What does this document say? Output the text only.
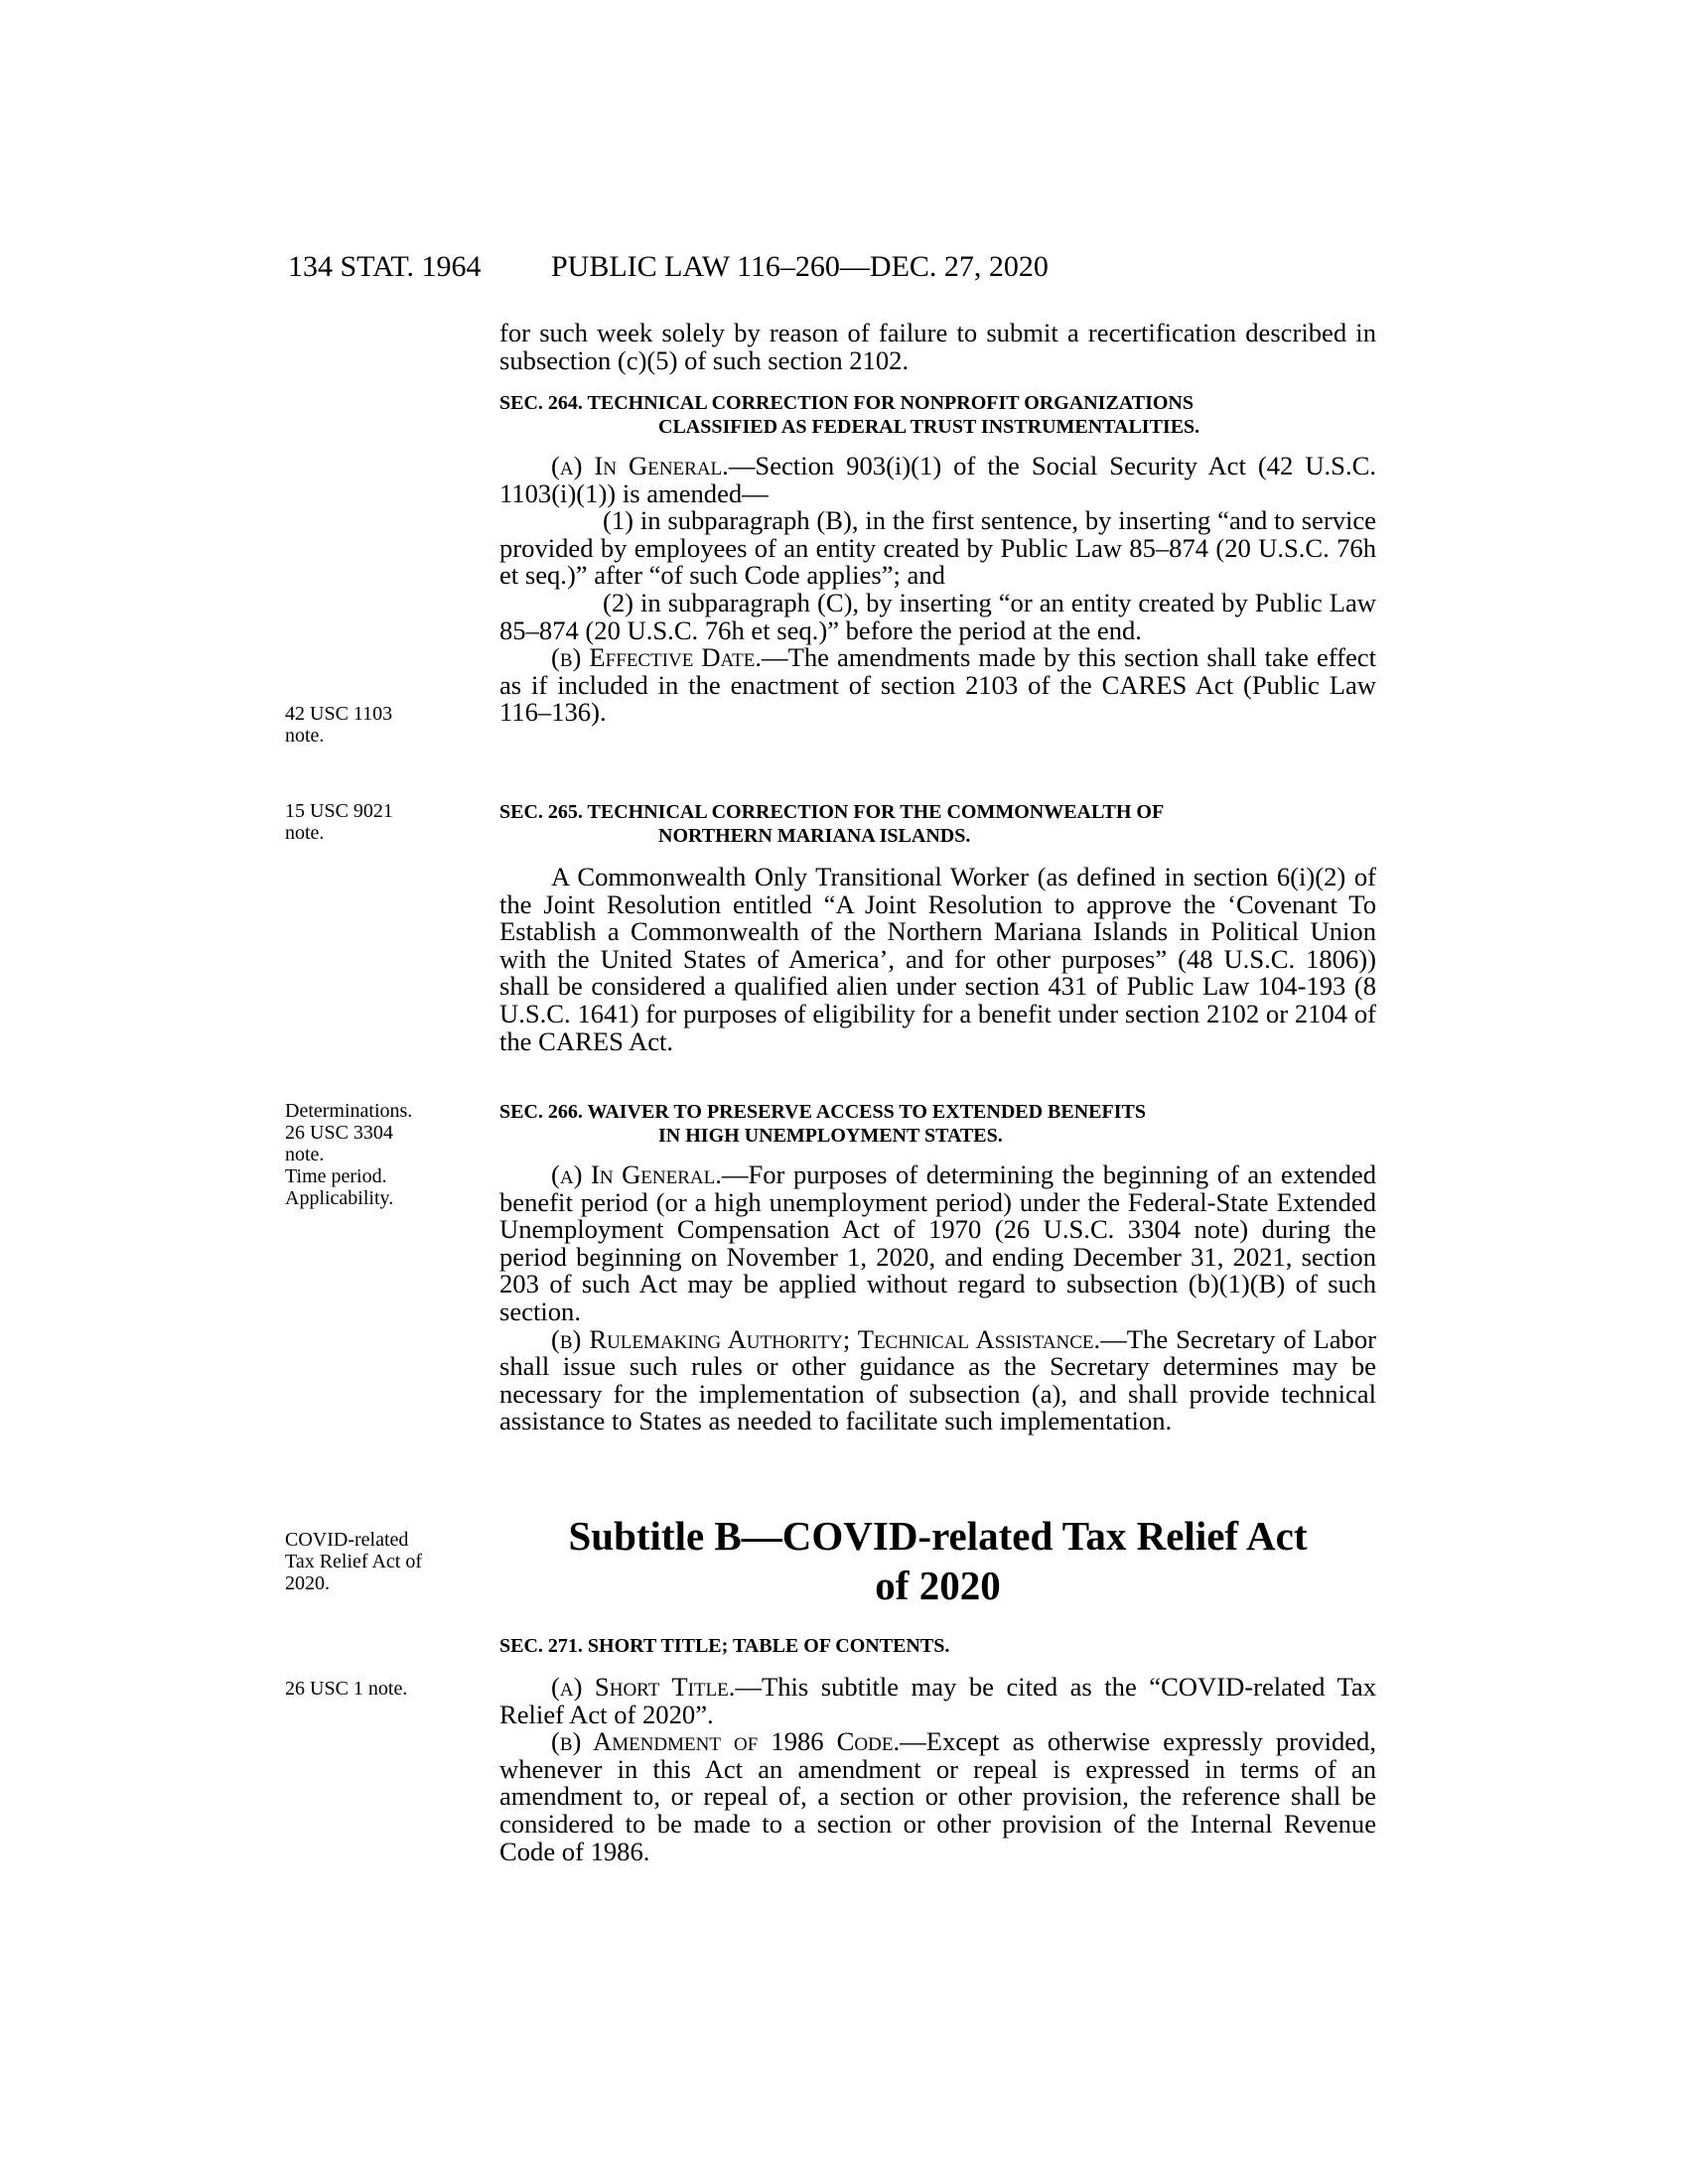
134 STAT. 1964 PUBLIC LAW 116–260—DEC. 27, 2020

for such week solely by reason of failure to submit a recertification described in subsection (c)(5) of such section 2102.

SEC. 264. TECHNICAL CORRECTION FOR NONPROFIT ORGANIZATIONS
CLASSIFIED AS FEDERAL TRUST INSTRUMENTALITIES.

(a) In General.—Section 903(i)(1) of the Social Security Act (42 U.S.C. 1103(i)(1)) is amended—

(1) in subparagraph (B), in the first sentence, by inserting “and to service provided by employees of an entity created by Public Law 85–874 (20 U.S.C. 76h et seq.)” after “of such Code applies”; and

(2) in subparagraph (C), by inserting “or an entity created by Public Law 85–874 (20 U.S.C. 76h et seq.)” before the period at the end.

(b) Effective Date.—The amendments made by this section shall take effect as if included in the enactment of section 2103 of the CARES Act (Public Law 116–136).

42 USC 1103
note.
15 USC 9021
note.
SEC. 265. TECHNICAL CORRECTION FOR THE COMMONWEALTH OF
NORTHERN MARIANA ISLANDS.

A Commonwealth Only Transitional Worker (as defined in section 6(i)(2) of the Joint Resolution entitled “A Joint Resolution to approve the ‘Covenant To Establish a Commonwealth of the Northern Mariana Islands in Political Union with the United States of America’, and for other purposes” (48 U.S.C. 1806)) shall be considered a qualified alien under section 431 of Public Law 104-193 (8 U.S.C. 1641) for purposes of eligibility for a benefit under section 2102 or 2104 of the CARES Act.

Determinations.
26 USC 3304
note.
Time period.
Applicability.
SEC. 266. WAIVER TO PRESERVE ACCESS TO EXTENDED BENEFITS
IN HIGH UNEMPLOYMENT STATES.

(a) In General.—For purposes of determining the beginning of an extended benefit period (or a high unemployment period) under the Federal-State Extended Unemployment Compensation Act of 1970 (26 U.S.C. 3304 note) during the period beginning on November 1, 2020, and ending December 31, 2021, section 203 of such Act may be applied without regard to subsection (b)(1)(B) of such section.

(b) Rulemaking Authority; Technical Assistance.—The Secretary of Labor shall issue such rules or other guidance as the Secretary determines may be necessary for the implementation of subsection (a), and shall provide technical assistance to States as needed to facilitate such implementation.

COVID-related
Tax Relief Act of
2020.
Subtitle B—COVID-related Tax Relief Act
of 2020
SEC. 271. SHORT TITLE; TABLE OF CONTENTS.
26 USC 1 note.	(a) Short Title.—This subtitle may be cited as the “COVID-related Tax Relief Act of 2020”.

(b) Amendment of 1986 Code.—Except as otherwise expressly provided, whenever in this Act an amendment or repeal is expressed in terms of an amendment to, or repeal of, a section or other provision, the reference shall be considered to be made to a section or other provision of the Internal Revenue Code of 1986.
